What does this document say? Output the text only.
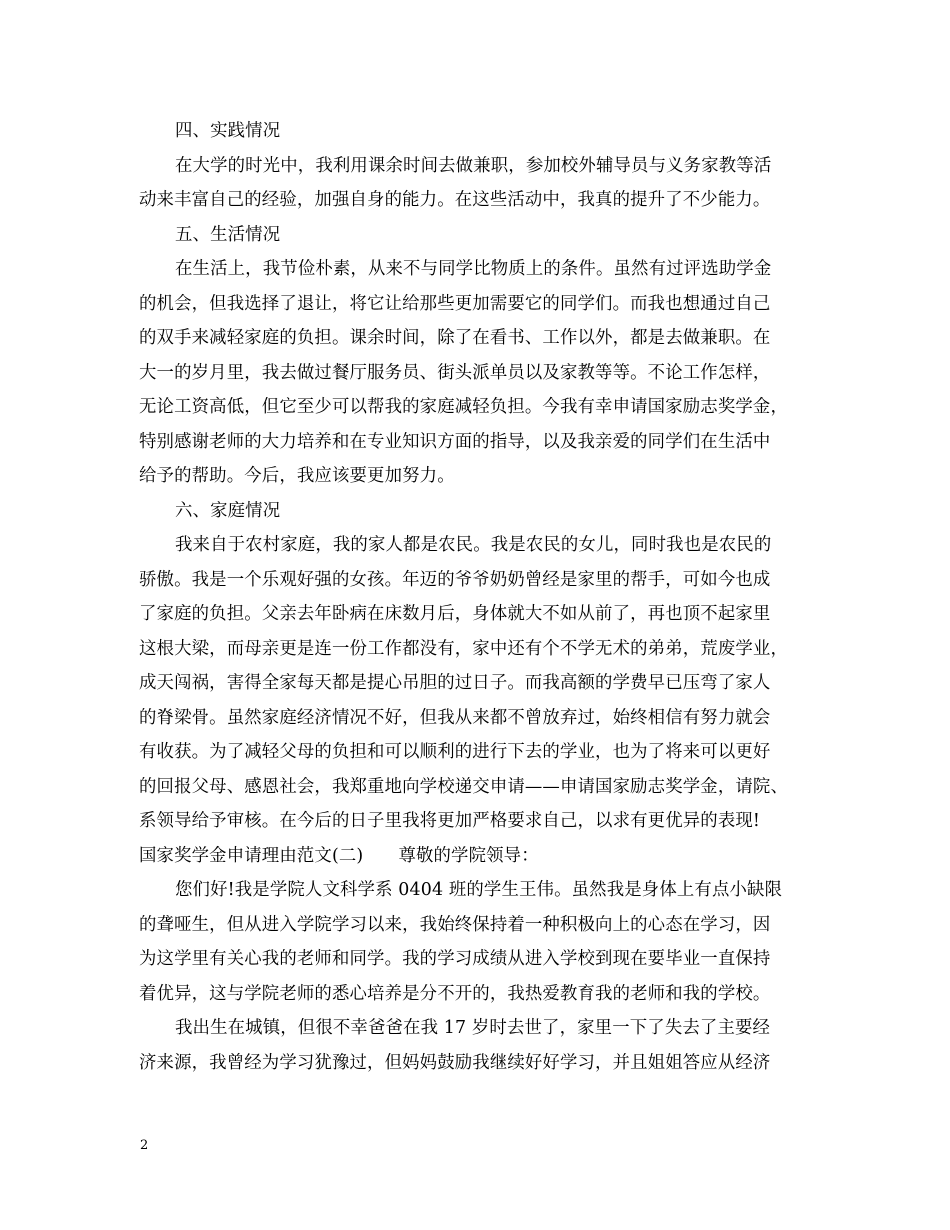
四、实践情况
在大学的时光中，我利用课余时间去做兼职，参加校外辅导员与义务家教等活
动来丰富自己的经验，加强自身的能力。在这些活动中，我真的提升了不少能力。
五、生活情况
在生活上，我节俭朴素，从来不与同学比物质上的条件。虽然有过评选助学金
的机会，但我选择了退让，将它让给那些更加需要它的同学们。而我也想通过自己
的双手来减轻家庭的负担。课余时间，除了在看书、工作以外，都是去做兼职。在
大一的岁月里，我去做过餐厅服务员、街头派单员以及家教等等。不论工作怎样，
无论工资高低，但它至少可以帮我的家庭减轻负担。今我有幸申请国家励志奖学金，
特别感谢老师的大力培养和在专业知识方面的指导，以及我亲爱的同学们在生活中
给予的帮助。今后，我应该要更加努力。
六、家庭情况
我来自于农村家庭，我的家人都是农民。我是农民的女儿，同时我也是农民的
骄傲。我是一个乐观好强的女孩。年迈的爷爷奶奶曾经是家里的帮手，可如今也成
了家庭的负担。父亲去年卧病在床数月后，身体就大不如从前了，再也顶不起家里
这根大梁，而母亲更是连一份工作都没有，家中还有个不学无术的弟弟，荒废学业，
成天闯祸，害得全家每天都是提心吊胆的过日子。而我高额的学费早已压弯了家人
的脊梁骨。虽然家庭经济情况不好，但我从来都不曾放弃过，始终相信有努力就会
有收获。为了减轻父母的负担和可以顺利的进行下去的学业，也为了将来可以更好
的回报父母、感恩社会，我郑重地向学校递交申请——申请国家励志奖学金，请院、
系领导给予审核。在今后的日子里我将更加严格要求自己，以求有更优异的表现!
国家奖学金申请理由范文(二)　　尊敬的学院领导：
您们好!我是学院人文科学系 0404 班的学生王伟。虽然我是身体上有点小缺限
的聋哑生，但从进入学院学习以来，我始终保持着一种积极向上的心态在学习，因
为这学里有关心我的老师和同学。我的学习成绩从进入学校到现在要毕业一直保持
着优异，这与学院老师的悉心培养是分不开的，我热爱教育我的老师和我的学校。
我出生在城镇，但很不幸爸爸在我 17 岁时去世了，家里一下了失去了主要经
济来源，我曾经为学习犹豫过，但妈妈鼓励我继续好好学习，并且姐姐答应从经济
2
